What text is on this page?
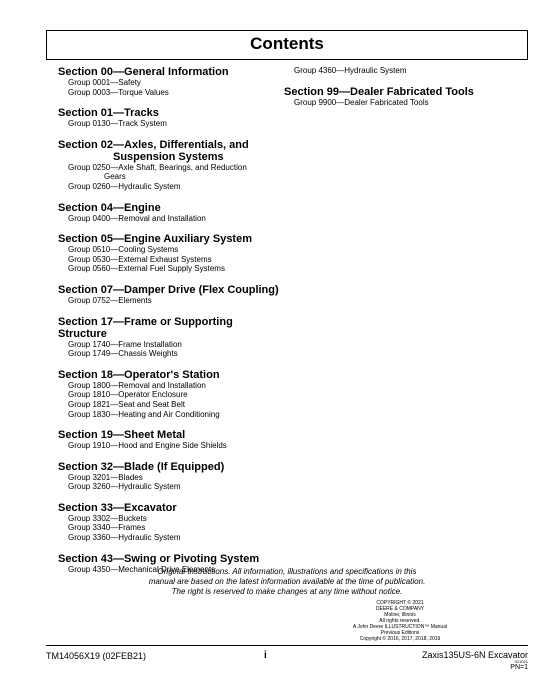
Contents
Section 00—General Information
Group 0001—Safety
Group 0003—Torque Values
Section 01—Tracks
Group 0130—Track System
Section 02—Axles, Differentials, and
Suspension Systems
Group 0250—Axle Shaft, Bearings, and Reduction
Gears
Group 0260—Hydraulic System
Section 04—Engine
Group 0400—Removal and Installation
Section 05—Engine Auxiliary System
Group 0510—Cooling Systems
Group 0530—External Exhaust Systems
Group 0560—External Fuel Supply Systems
Section 07—Damper Drive (Flex Coupling)
Group 0752—Elements
Section 17—Frame or Supporting Structure
Group 1740—Frame Installation
Group 1749—Chassis Weights
Section 18—Operator's Station
Group 1800—Removal and Installation
Group 1810—Operator Enclosure
Group 1821—Seat and Seat Belt
Group 1830—Heating and Air Conditioning
Section 19—Sheet Metal
Group 1910—Hood and Engine Side Shields
Section 32—Blade (If Equipped)
Group 3201—Blades
Group 3260—Hydraulic System
Section 33—Excavator
Group 3302—Buckets
Group 3340—Frames
Group 3360—Hydraulic System
Section 43—Swing or Pivoting System
Group 4350—Mechanical Drive Elements
Group 4360—Hydraulic System
Section 99—Dealer Fabricated Tools
Group 9900—Dealer Fabricated Tools
Original Instructions. All information, illustrations and specifications in this
manual are based on the latest information available at the time of publication.
The right is reserved to make changes at any time without notice.
COPYRIGHT © 2021
DEERE & COMPANY
Moline, Illinois
All rights reserved.
A John Deere ILLUSTRUCTION™ Manual
Previous Editions
Copyright © 2016, 2017, 2018, 2019
TM14056X19 (02FEB21)	i	Zaxis135US-6N Excavator
021021
PN=1
